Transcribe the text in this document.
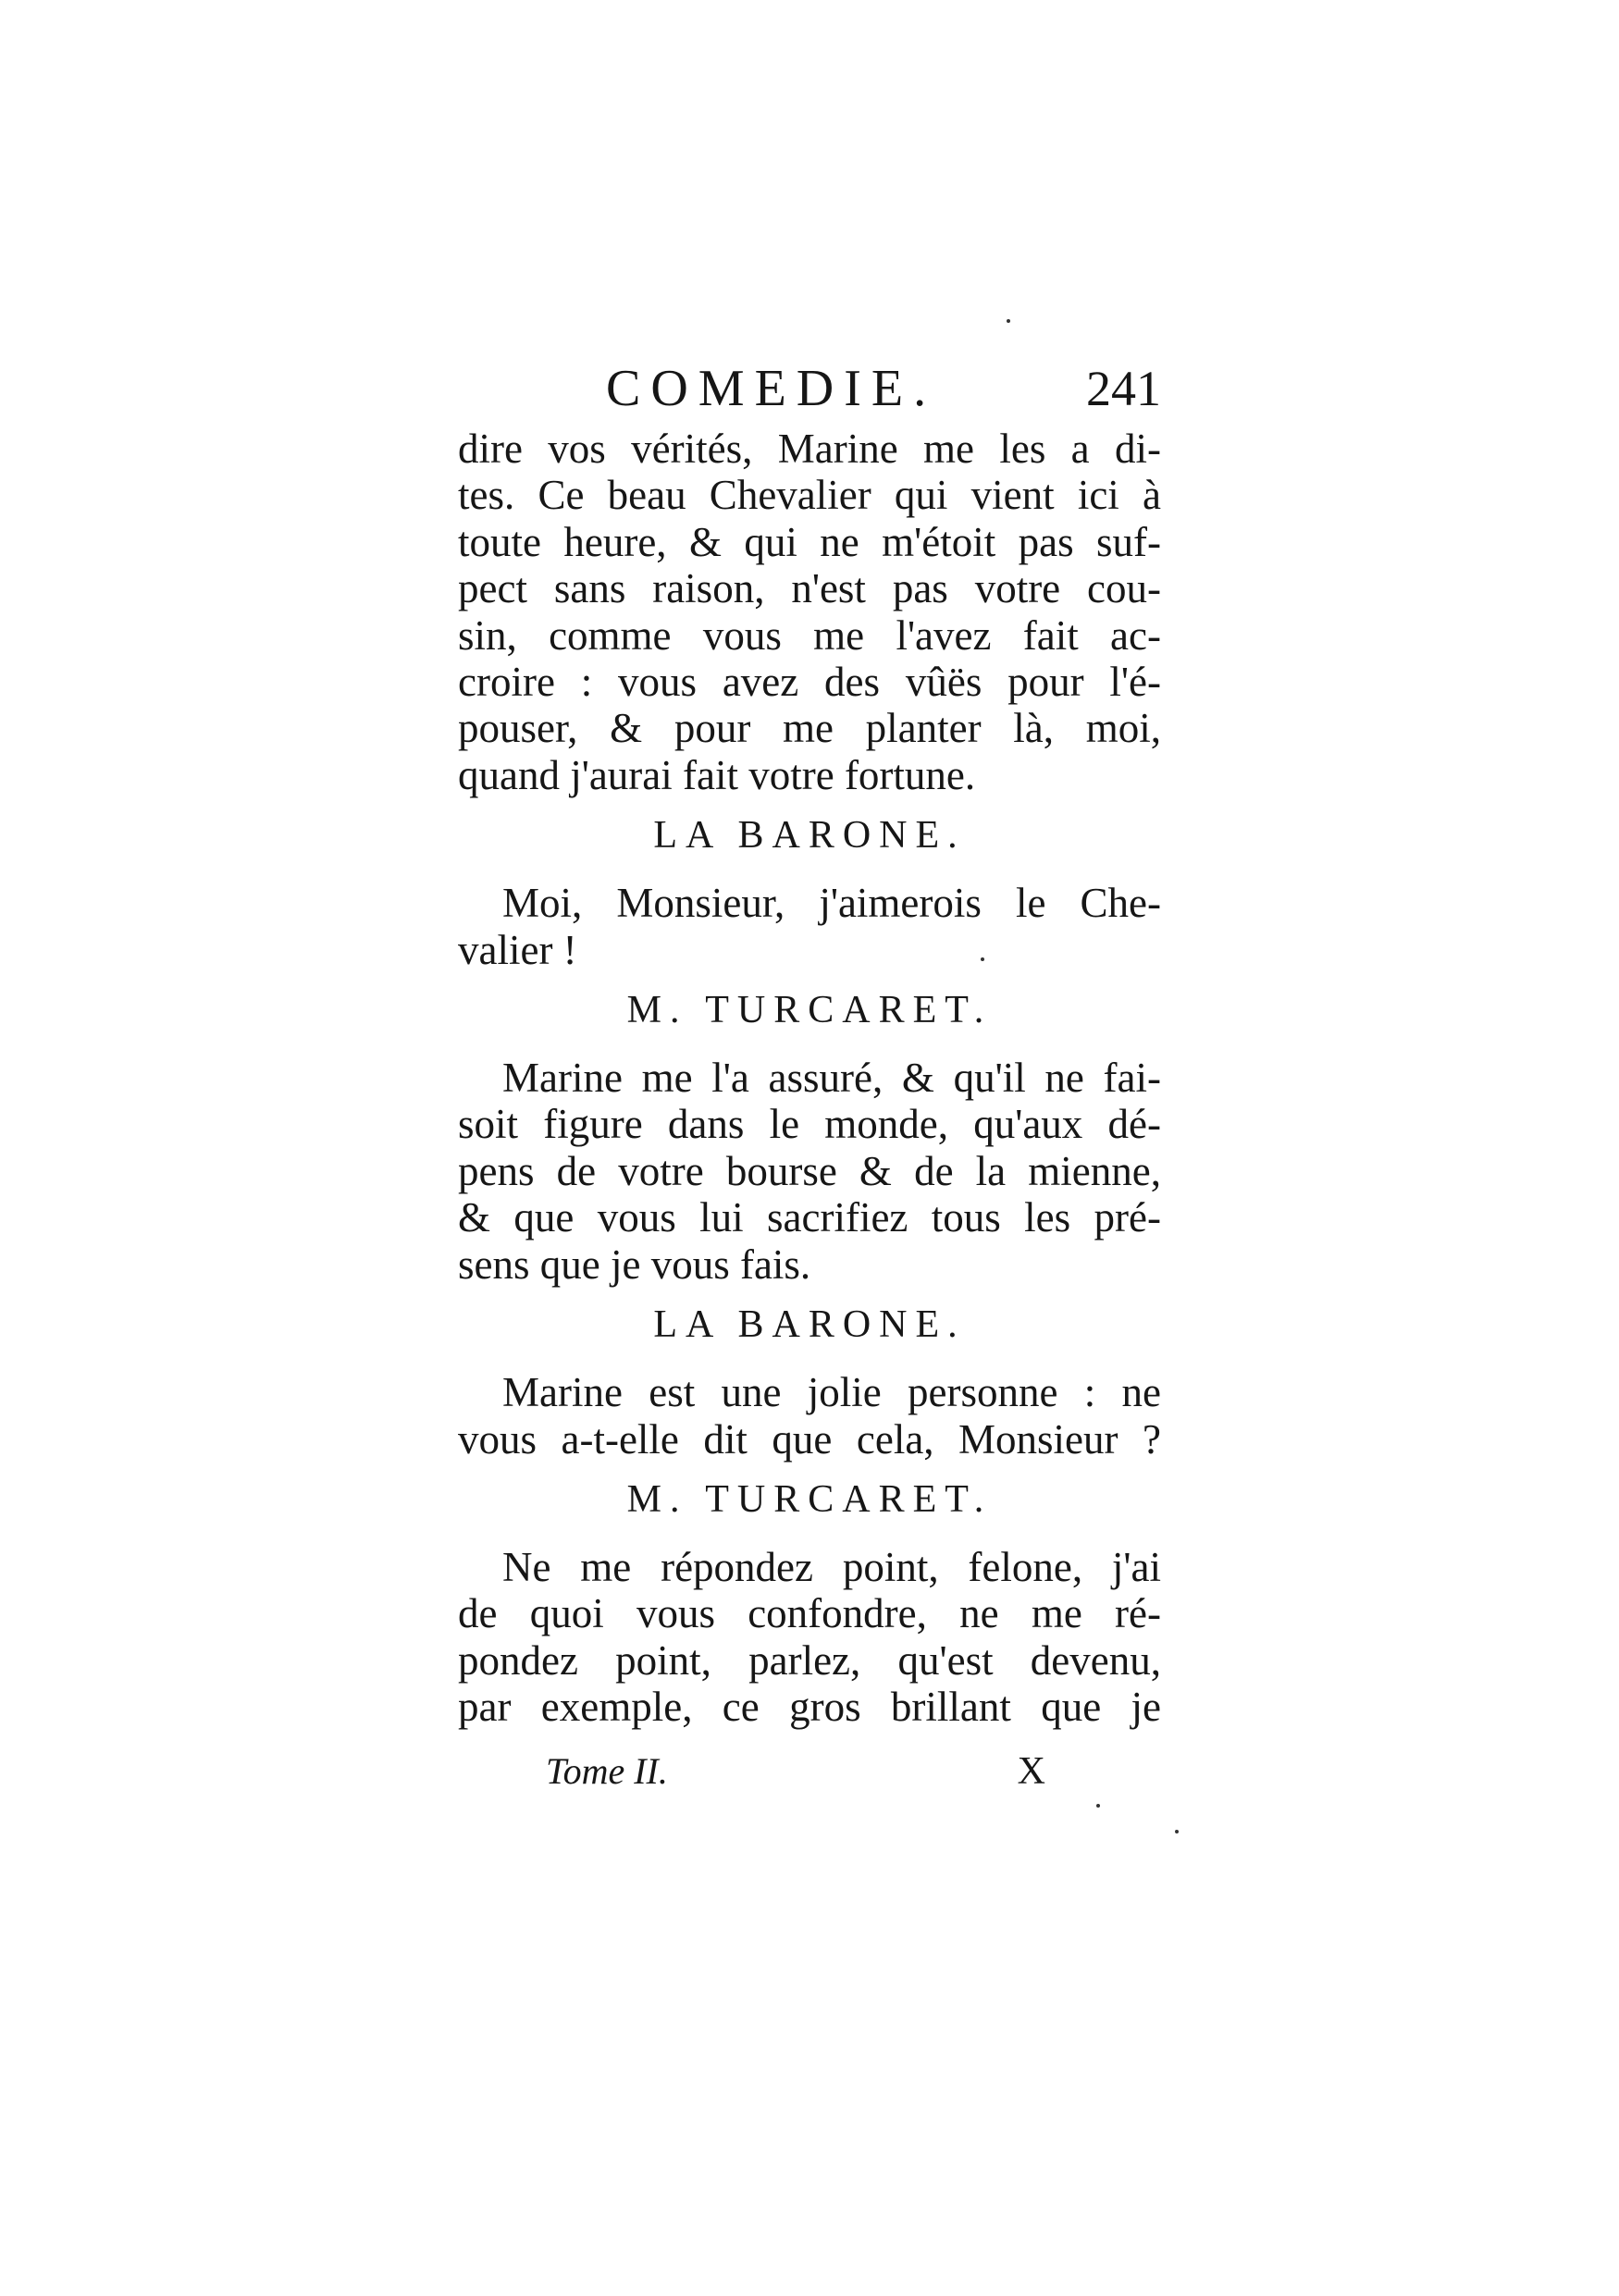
COMEDIE.	241

dire vos vérités, Marine me les a di-
tes. Ce beau Chevalier qui vient ici à
toute heure, & qui ne m'étoit pas suf-
pect sans raison, n'est pas votre cou-
sin, comme vous me l'avez fait ac-
croire : vous avez des vûës pour l'é-
pouser, & pour me planter là, moi,
quand j'aurai fait votre fortune.

LA BARONE.

Moi, Monsieur, j'aimerois le Che-
valier !

M. TURCARET.

Marine me l'a assuré, & qu'il ne fai-
soit figure dans le monde, qu'aux dé-
pens de votre bourse & de la mienne,
& que vous lui sacrifiez tous les pré-
sens que je vous fais.

LA BARONE.

Marine est une jolie personne : ne
vous a-t-elle dit que cela, Monsieur ?

M. TURCARET.

Ne me répondez point, felone, j'ai
de quoi vous confondre, ne me ré-
pondez point, parlez, qu'est devenu,
par exemple, ce gros brillant que je

Tome II.	X
